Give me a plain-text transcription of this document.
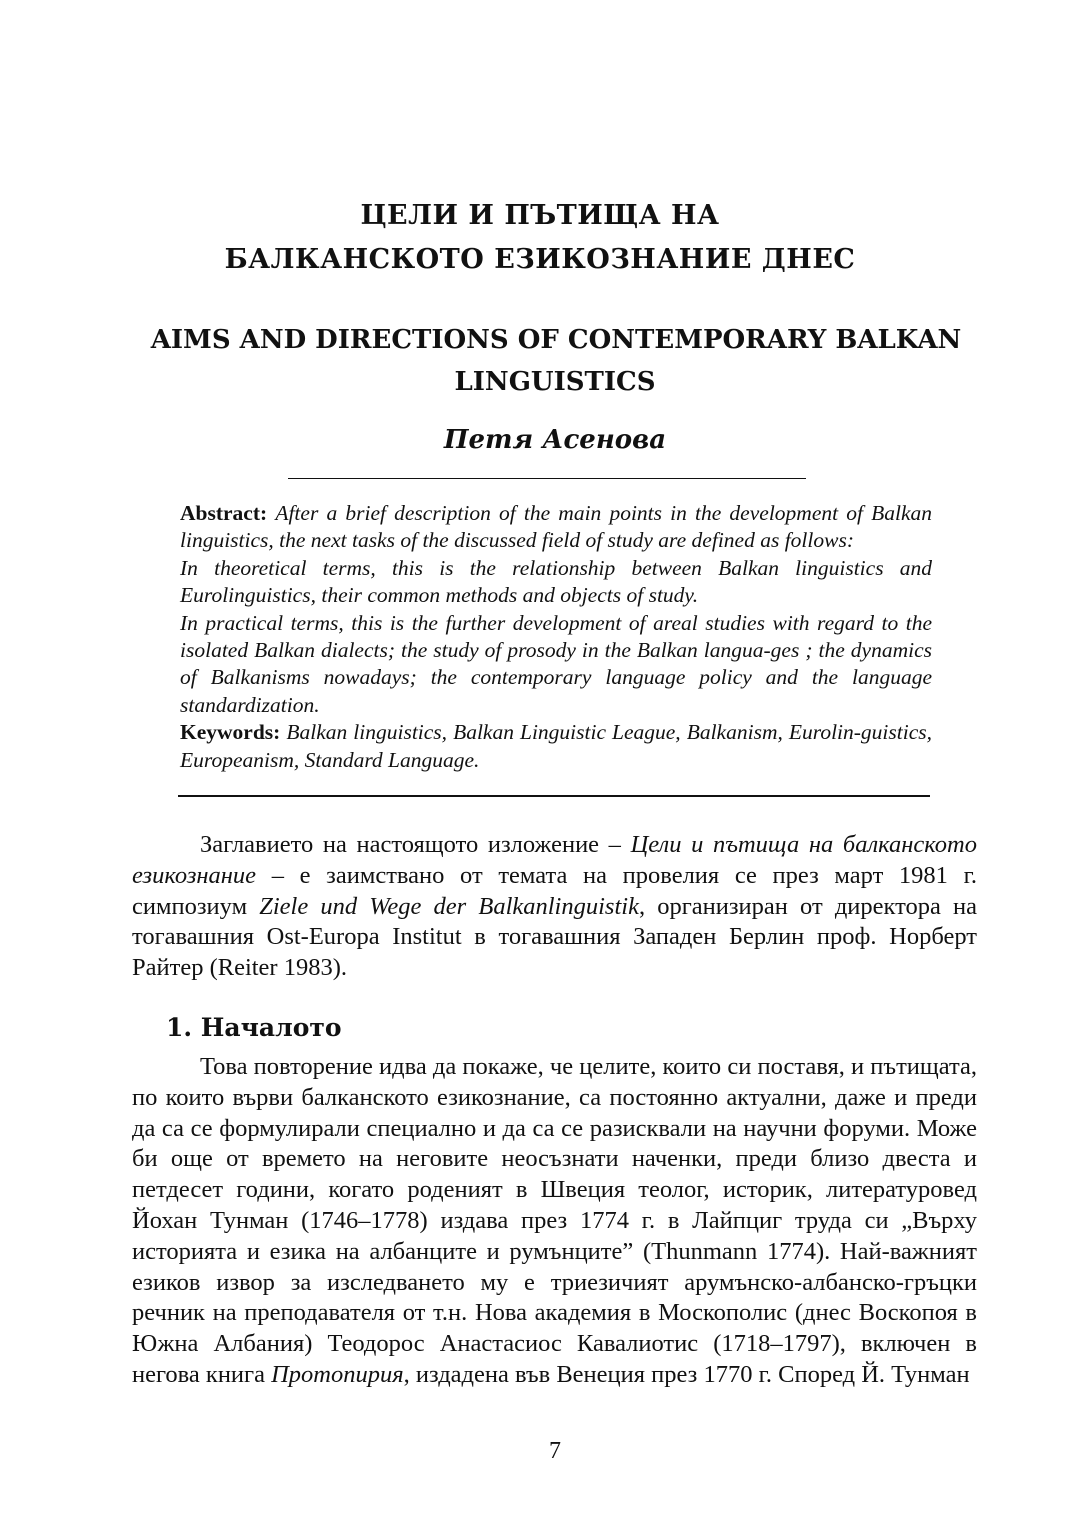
ЦЕЛИ И ПЪТИЩА НА
БАЛКАНСКОТО ЕЗИКОЗНАНИЕ ДНЕС
AIMS AND DIRECTIONS OF CONTEMPORARY BALKAN
LINGUISTICS
Петя Асенова

Abstract: After a brief description of the main points in the development of Balkan linguistics, the next tasks of the discussed field of study are defined as follows:

In theoretical terms, this is the relationship between Balkan linguistics and Eurolinguistics, their common methods and objects of study.

In practical terms, this is the further development of areal studies with regard to the isolated Balkan dialects; the study of prosody in the Balkan langua-ges ; the dynamics of Balkanisms nowadays; the contemporary language policy and the language standardization.

Keywords: Balkan linguistics, Balkan Linguistic League, Balkanism, Eurolin-guistics, Europeanism, Standard Language.

Заглавието на настоящото изложение – Цели и пътища на балканското езикознание – е заимствано от темата на провелия се през март 1981 г. симпозиум Ziele und Wege der Balkanlinguistik, организиран от директора на тогавашния Ost-Europa Institut в тогавашния Западен Берлин проф. Норберт Райтер (Reiter 1983).

1. Началото

Това повторение идва да покаже, че целите, които си поставя, и пътищата, по които върви балканското езикознание, са постоянно актуални, даже и преди да са се формулирали специално и да са се разисквали на научни форуми. Може би още от времето на неговите неосъзнати наченки, преди близо двеста и петдесет години, когато роденият в Швеция теолог, историк, литературовед Йохан Тунман (1746–1778) издава през 1774 г. в Лайпциг труда си „Върху историята и езика на албанците и румънците” (Thunmann 1774). Най-важният езиков извор за изследването му е триезичият арумънско-албанско-гръцки речник на преподавателя от т.н. Нова академия в Москополис (днес Воскопоя в Южна Албания) Теодорос Анастасиос Кавалиотис (1718–1797), включен в негова книга Протопирия, издадена във Венеция през 1770 г. Според Й. Тунман

7
